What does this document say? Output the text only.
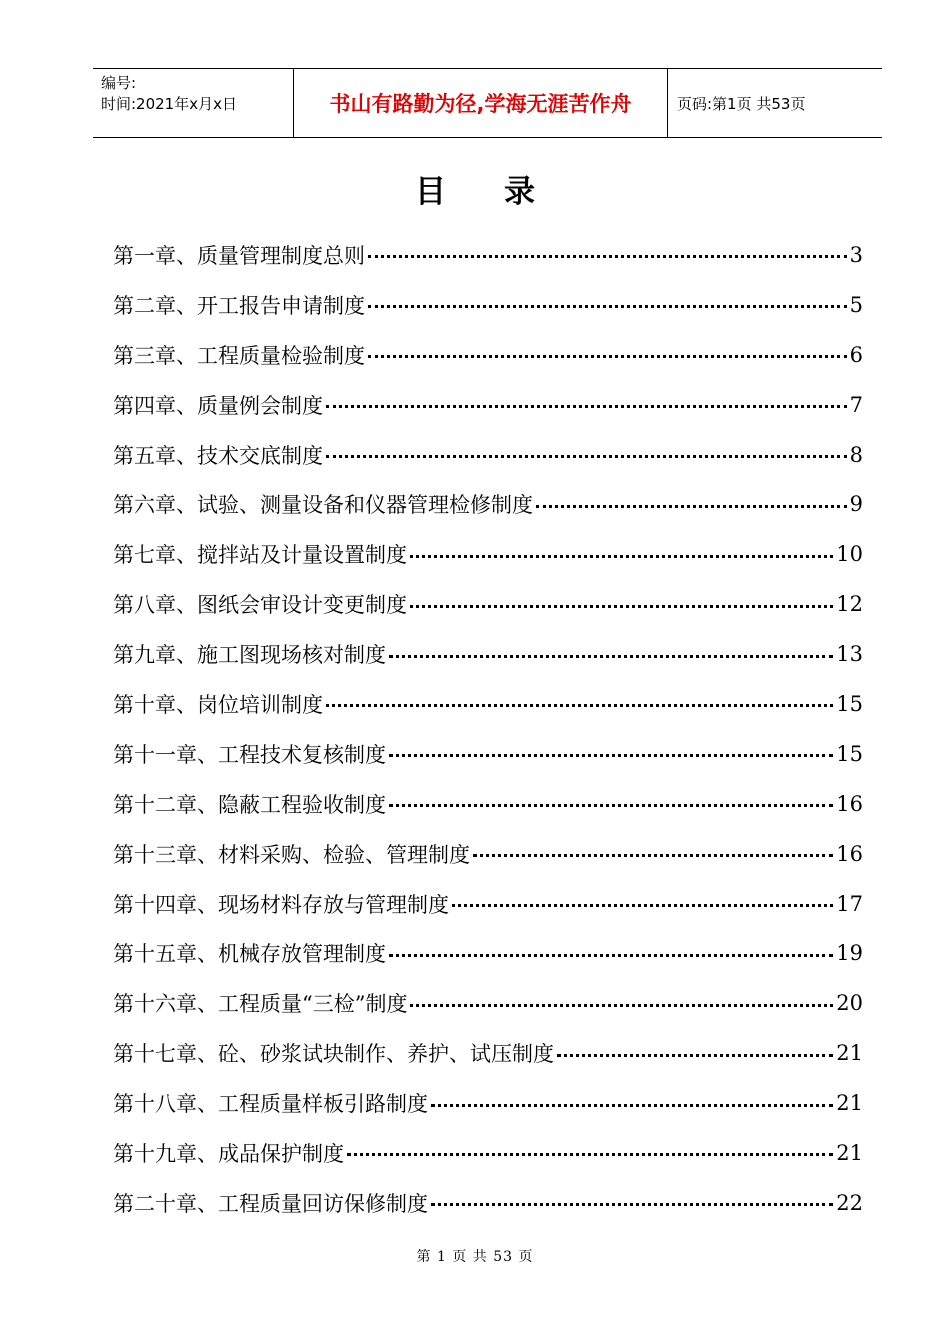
编号:
时间:2021年x月x日	书山有路勤为径,学海无涯苦作舟	页码:第1页 共53页
目录
第一章、质量管理制度总则	3
第二章、开工报告申请制度	5
第三章、工程质量检验制度	6
第四章、质量例会制度	7
第五章、技术交底制度	8
第六章、试验、测量设备和仪器管理检修制度	9
第七章、搅拌站及计量设置制度	10
第八章、图纸会审设计变更制度	12
第九章、施工图现场核对制度	13
第十章、岗位培训制度	15
第十一章、工程技术复核制度	15
第十二章、隐蔽工程验收制度	16
第十三章、材料采购、检验、管理制度	16
第十四章、现场材料存放与管理制度	17
第十五章、机械存放管理制度	19
第十六章、工程质量“三检”制度	20
第十七章、砼、砂浆试块制作、养护、试压制度	21
第十八章、工程质量样板引路制度	21
第十九章、成品保护制度	21
第二十章、工程质量回访保修制度	22
第 1 页 共 53 页
